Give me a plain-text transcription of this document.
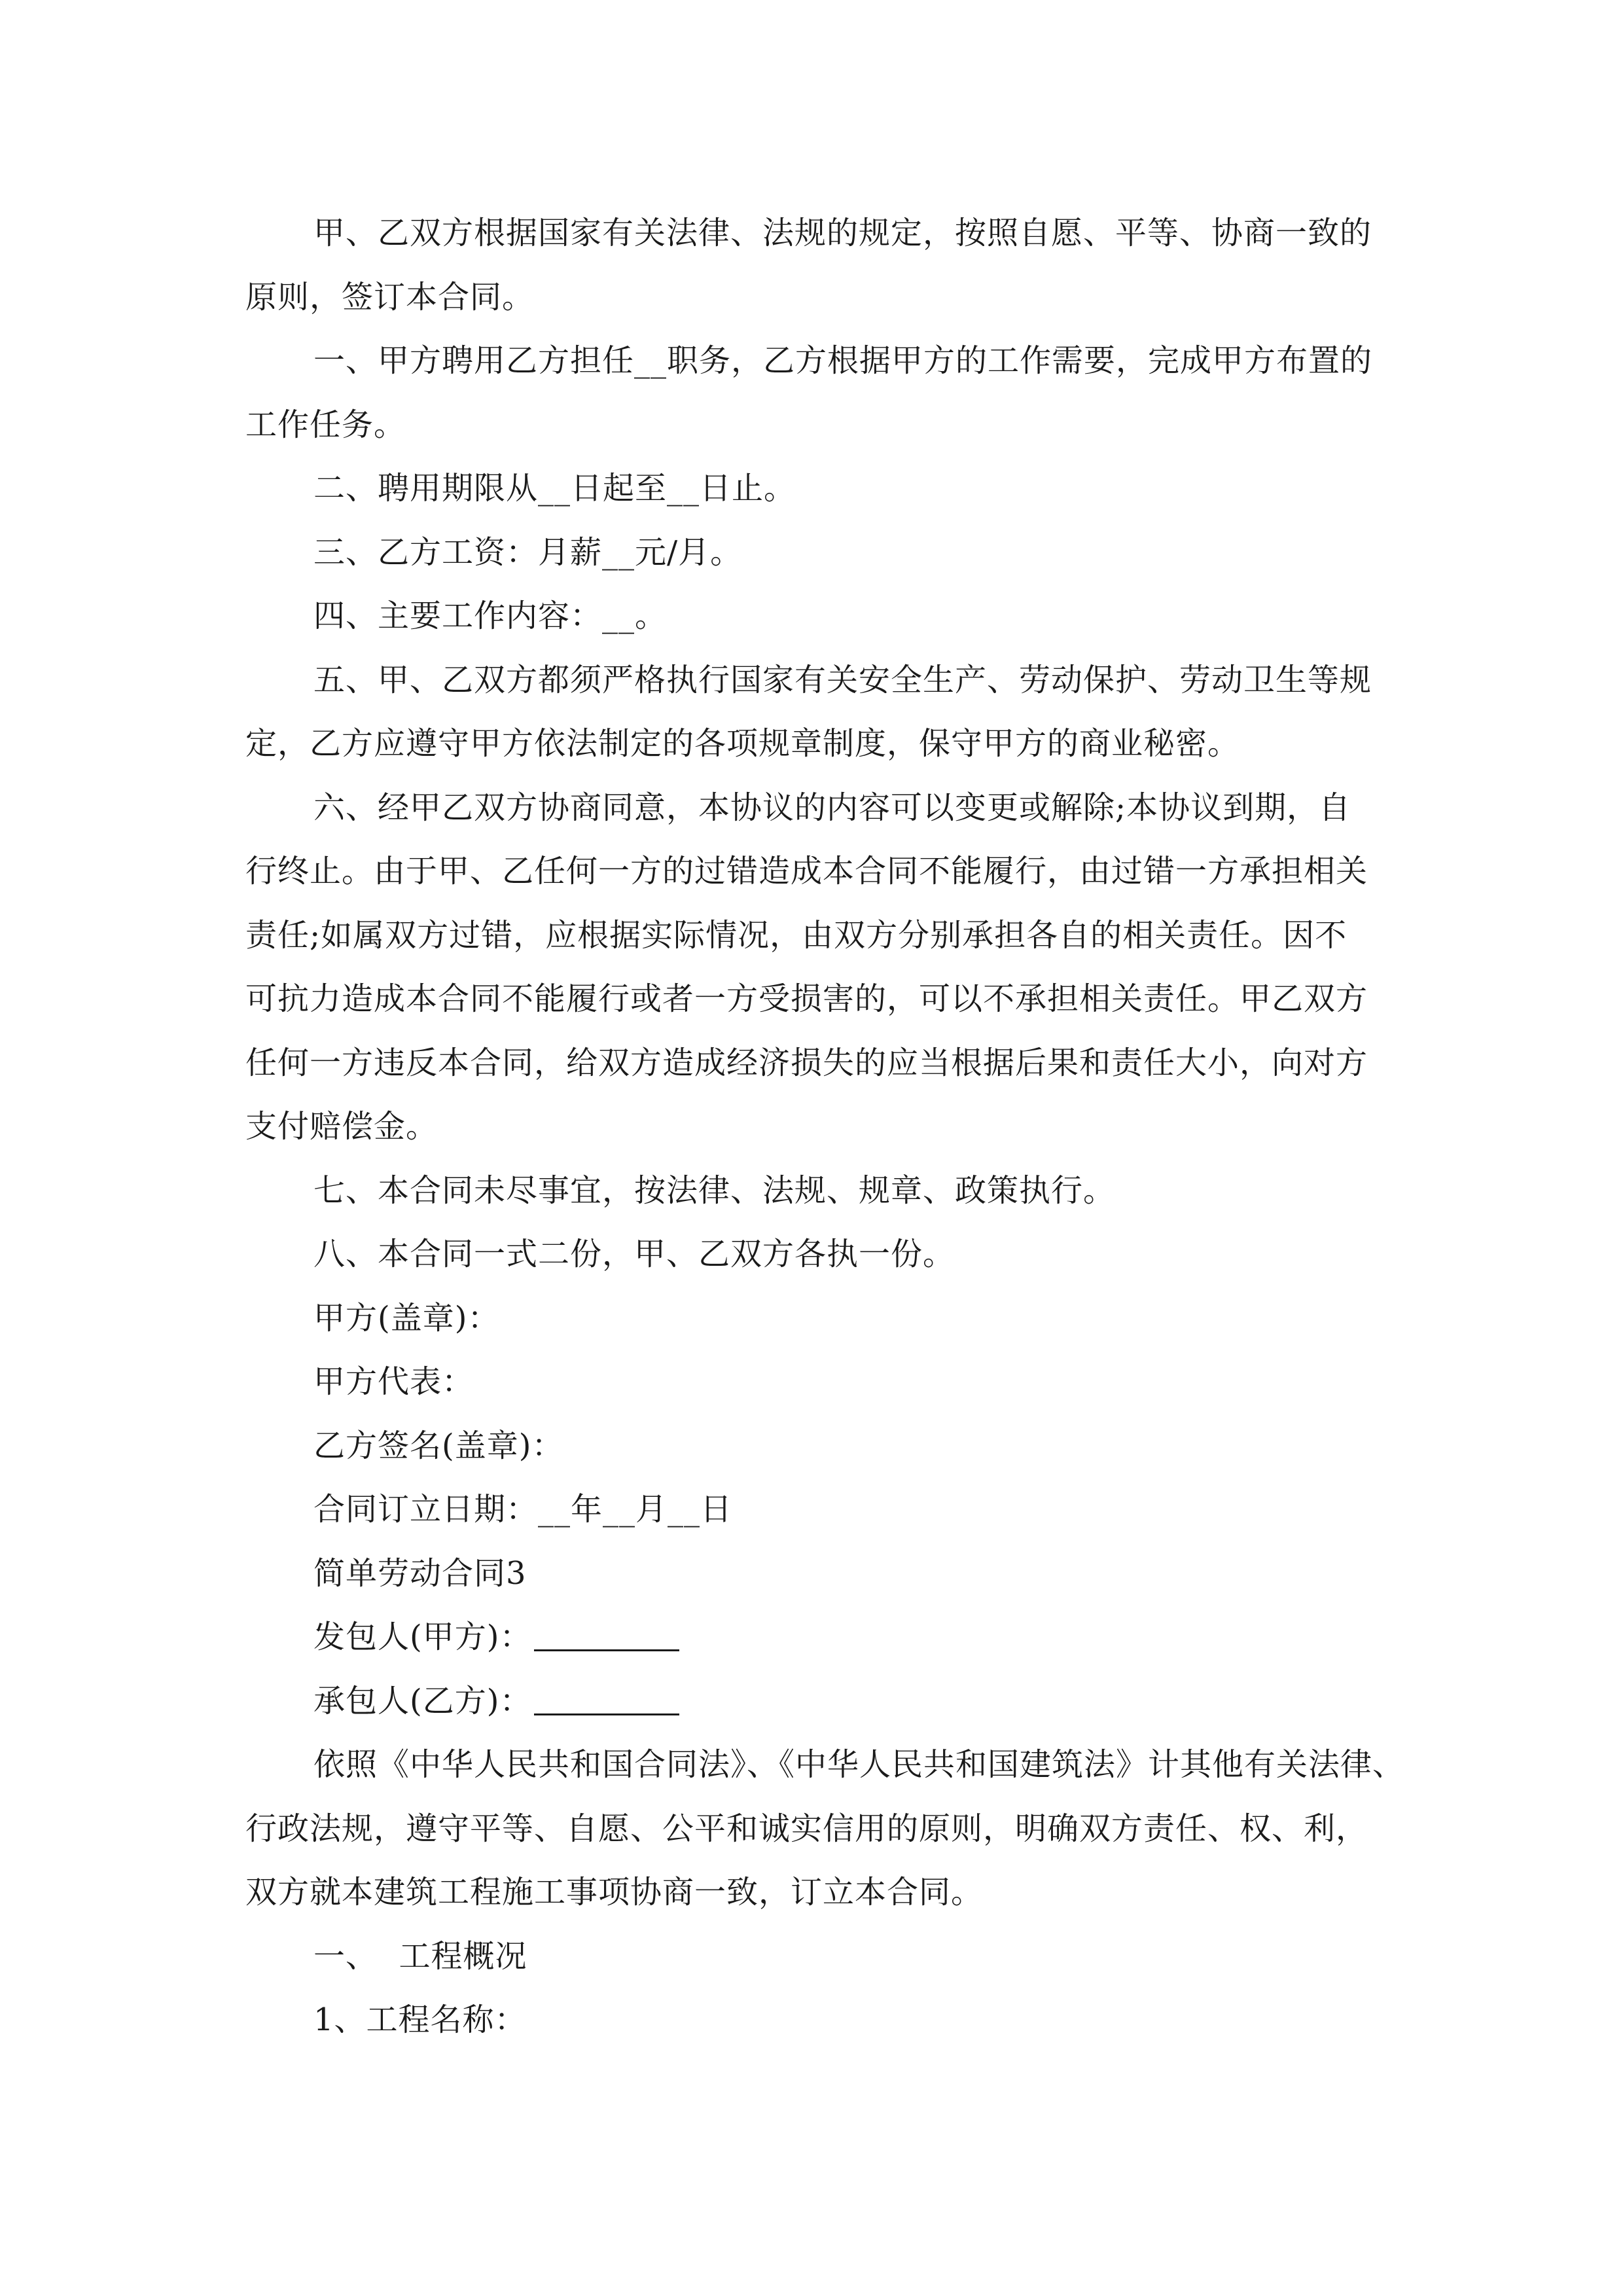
甲、乙双方根据国家有关法律、法规的规定，按照自愿、平等、协商一致的
原则，签订本合同。

一、甲方聘用乙方担任__职务，乙方根据甲方的工作需要，完成甲方布置的
工作任务。

二、聘用期限从__日起至__日止。

三、乙方工资：月薪__元/月。

四、主要工作内容：__。

五、甲、乙双方都须严格执行国家有关安全生产、劳动保护、劳动卫生等规
定，乙方应遵守甲方依法制定的各项规章制度，保守甲方的商业秘密。

六、经甲乙双方协商同意，本协议的内容可以变更或解除;本协议到期，自
行终止。由于甲、乙任何一方的过错造成本合同不能履行，由过错一方承担相关
责任;如属双方过错，应根据实际情况，由双方分别承担各自的相关责任。因不
可抗力造成本合同不能履行或者一方受损害的，可以不承担相关责任。甲乙双方
任何一方违反本合同，给双方造成经济损失的应当根据后果和责任大小，向对方
支付赔偿金。

七、本合同未尽事宜，按法律、法规、规章、政策执行。

八、本合同一式二份，甲、乙双方各执一份。

甲方(盖章)：

甲方代表：

乙方签名(盖章)：

合同订立日期：__年__月__日

简单劳动合同3

发包人(甲方)：

承包人(乙方)：

依照《中华人民共和国合同法》、《中华人民共和国建筑法》计其他有关法律、
行政法规，遵守平等、自愿、公平和诚实信用的原则，明确双方责任、权、利，
双方就本建筑工程施工事项协商一致，订立本合同。

一、  工程概况

1、工程名称：
